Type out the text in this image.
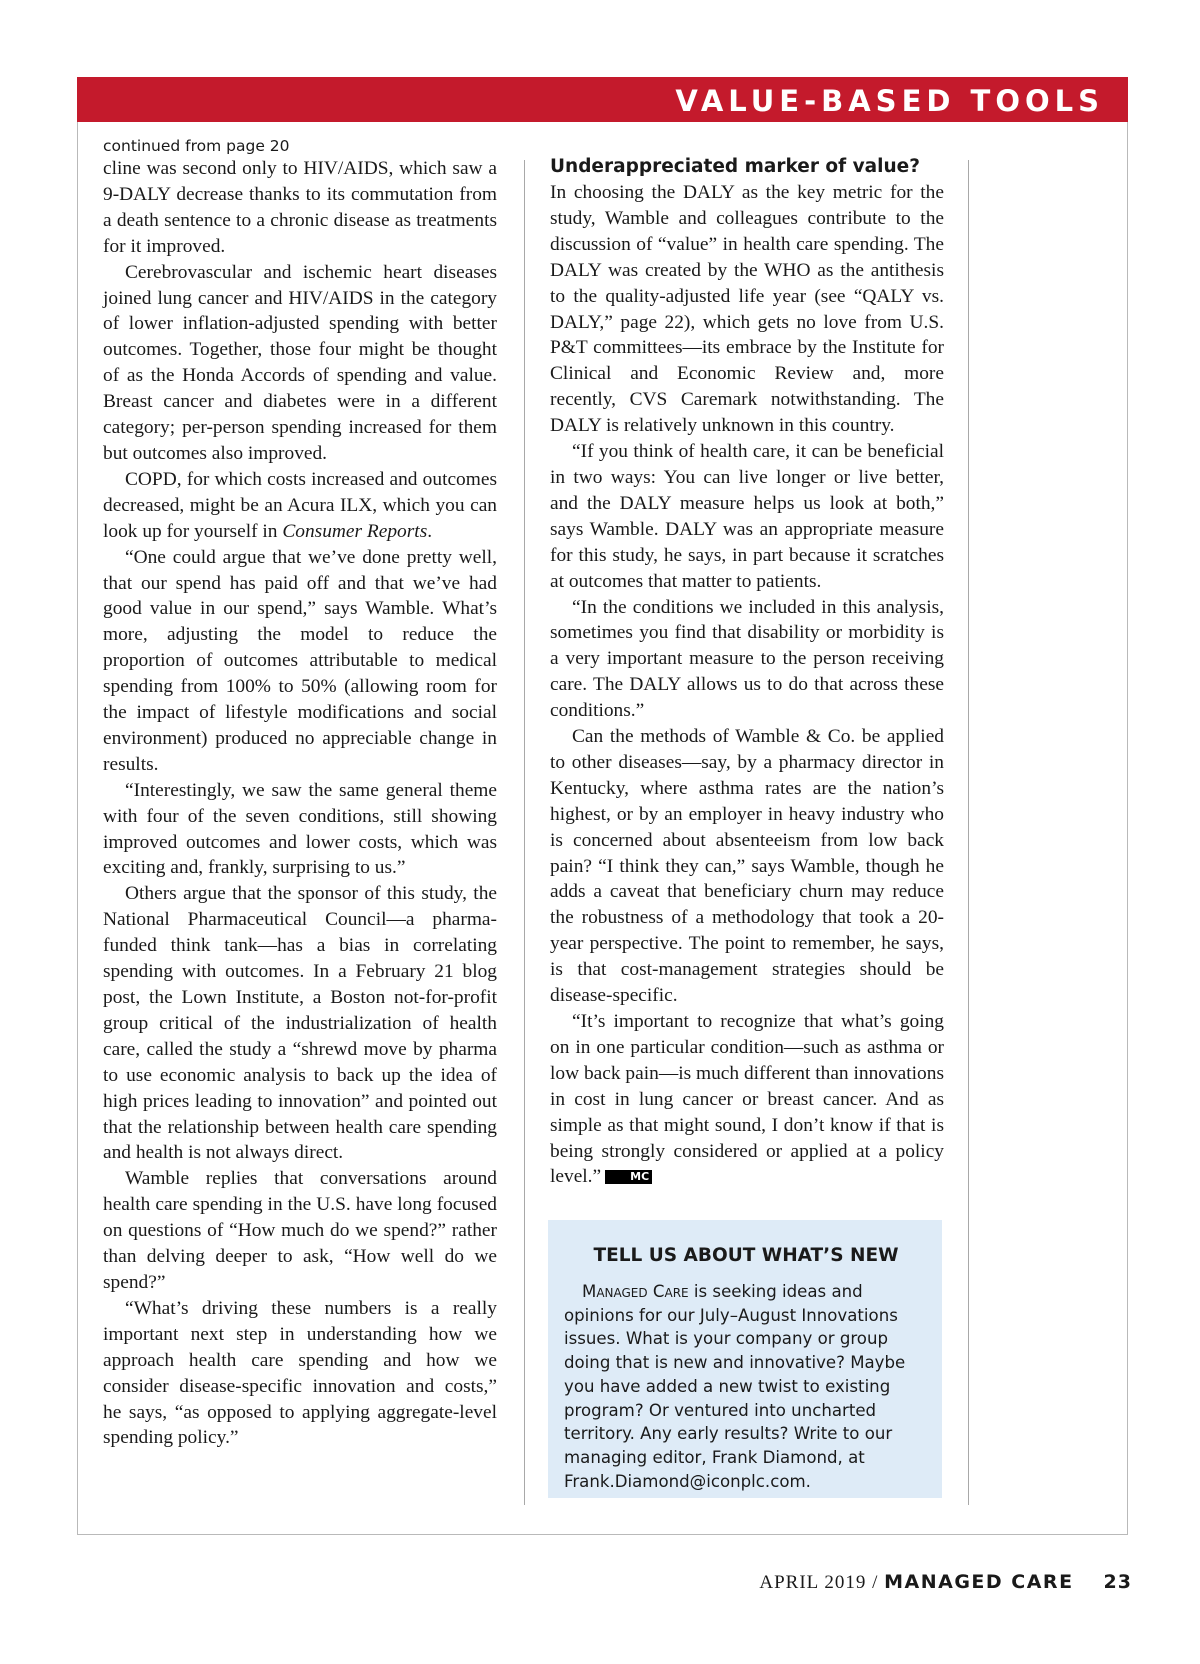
VALUE-BASED TOOLS

continued from page 20

cline was second only to HIV/AIDS, which saw a 9-DALY decrease thanks to its commutation from a death sentence to a chronic disease as treatments for it improved.

Cerebrovascular and ischemic heart diseases joined lung cancer and HIV/AIDS in the category of lower inflation-adjusted spending with better outcomes. Together, those four might be thought of as the Honda Accords of spending and value. Breast cancer and diabetes were in a different category; per-person spending increased for them but outcomes also improved.

COPD, for which costs increased and outcomes decreased, might be an Acura ILX, which you can look up for yourself in Consumer Reports.

“One could argue that we’ve done pretty well, that our spend has paid off and that we’ve had good value in our spend,” says Wamble. What’s more, adjusting the model to reduce the proportion of outcomes attributable to medical spending from 100% to 50% (allowing room for the impact of lifestyle modifications and social environment) produced no appreciable change in results.

“Interestingly, we saw the same general theme with four of the seven conditions, still showing improved outcomes and lower costs, which was exciting and, frankly, surprising to us.”

Others argue that the sponsor of this study, the National Pharmaceutical Council—a pharma-funded think tank—has a bias in correlating spending with outcomes. In a February 21 blog post, the Lown Institute, a Boston not-for-profit group critical of the industrialization of health care, called the study a “shrewd move by pharma to use economic analysis to back up the idea of high prices leading to innovation” and pointed out that the relationship between health care spending and health is not always direct.

Wamble replies that conversations around health care spending in the U.S. have long focused on questions of “How much do we spend?” rather than delving deeper to ask, “How well do we spend?”

“What’s driving these numbers is a really important next step in understanding how we approach health care spending and how we consider disease-specific innovation and costs,” he says, “as opposed to applying aggregate-level spending policy.”

Underappreciated marker of value?

In choosing the DALY as the key metric for the study, Wamble and colleagues contribute to the discussion of “value” in health care spending. The DALY was created by the WHO as the antithesis to the quality-adjusted life year (see “QALY vs. DALY,” page 22), which gets no love from U.S. P&T committees—its embrace by the Institute for Clinical and Economic Review and, more recently, CVS Caremark notwithstanding. The DALY is relatively unknown in this country.

“If you think of health care, it can be beneficial in two ways: You can live longer or live better, and the DALY measure helps us look at both,” says Wamble. DALY was an appropriate measure for this study, he says, in part because it scratches at outcomes that matter to patients.

“In the conditions we included in this analysis, sometimes you find that disability or morbidity is a very important measure to the person receiving care. The DALY allows us to do that across these conditions.”

Can the methods of Wamble & Co. be applied to other diseases—say, by a pharmacy director in Kentucky, where asthma rates are the nation’s highest, or by an employer in heavy industry who is concerned about absenteeism from low back pain? “I think they can,” says Wamble, though he adds a caveat that beneficiary churn may reduce the robustness of a methodology that took a 20-year perspective. The point to remember, he says, is that cost-management strategies should be disease-specific.

“It’s important to recognize that what’s going on in one particular condition—such as asthma or low back pain—is much different than innovations in cost in lung cancer or breast cancer. And as simple as that might sound, I don’t know if that is being strongly considered or applied at a policy level.”	MC

TELL US ABOUT WHAT’S NEW
Managed Care is seeking ideas and opinions for our July–August Innovations issues. What is your company or group doing that is new and innovative? Maybe you have added a new twist to existing program? Or ventured into uncharted territory. Any early results? Write to our managing editor, Frank Diamond, at Frank.Diamond@iconplc.com.
APRIL 2019 / MANAGED CARE 23
